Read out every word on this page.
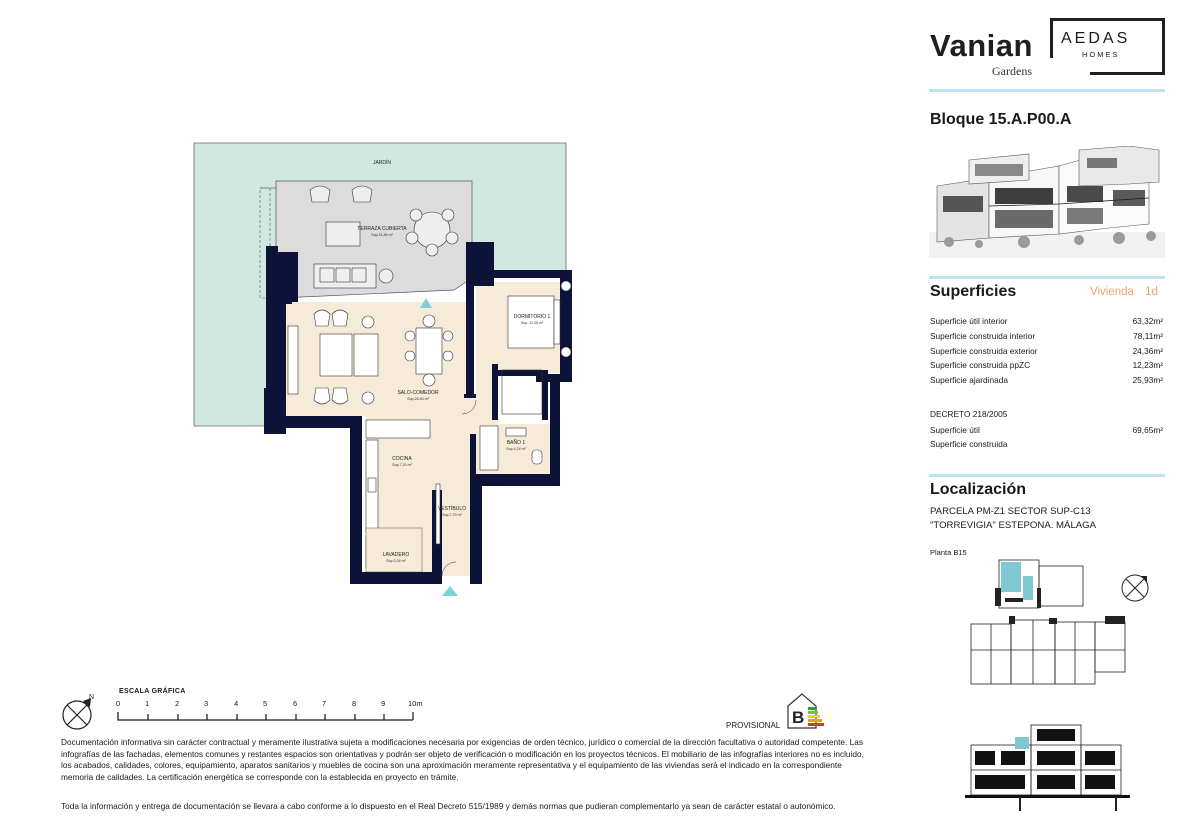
Vanian
Gardens
AEDAS
HOMES
Bloque 15.A.P00.A
Superficies	Vivienda 1d
Superficie útil interior	63,32m²
Superficie construida interior	78,11m²
Superficie construida exterior	24,36m²
Superficie construida ppZC	12,23m²
Superficie ajardinada	25,93m²
DECRETO 218/2005
Superficie útil	69,65m²
Superficie construida
Localización
PARCELA PM-Z1 SECTOR SUP-C13
"TORREVIGIA" ESTEPONA. MÁLAGA
Planta B15
JARDÍN
TERRAZA CUBIERTA
Sup.21,86 m²
SALO-COMEDOR
Sup.26,63 m²
DORMITORIO 1
Sup. 11,38 m²
COCINA
Sup.7,20 m²
BAÑO 1
Sup.4,24 m²
VESTÍBULO
Sup.7,70 m²
LAVADERO
Sup.3,34 m²
N
ESCALA GRÁFICA
0	1	2	3	4	5	6	7	8	9	10m
PROVISIONAL B
Documentación informativa sin carácter contractual y meramente ilustrativa sujeta a modificaciones necesaria por exigencias de orden técnico, jurídico o comercial de la dirección facultativa o autoridad competente. Las infografías de las fachadas, elementos comunes y restantes espacios son orientativas y podrán ser objeto de verificación o modificación en los proyectos técnicos. El mobiliario de las infografías interiores no es incluido, los acabados, calidades, colores, equipamiento, aparatos sanitarios y muebles de cocina son una aproximación meramente representativa y el equipamiento de las viviendas será el indicado en la correspondiente memoria de calidades. La certificación energética se corresponde con la establecida en proyecto en trámite.
Toda la información y entrega de documentación se llevara a cabo conforme a lo dispuesto en el Real Decreto 515/1989 y demás normas que pudieran complementarlo ya sean de carácter estatal o autonómico.
